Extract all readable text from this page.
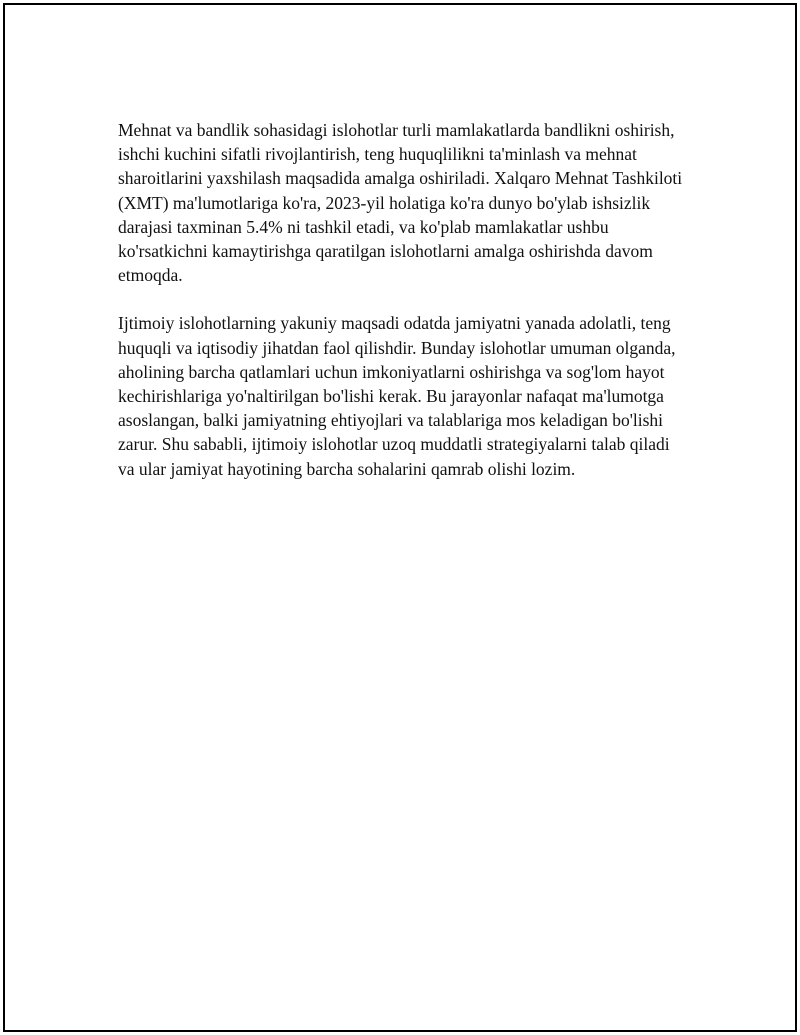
Mehnat va bandlik sohasidagi islohotlar turli mamlakatlarda bandlikni oshirish, ishchi kuchini sifatli rivojlantirish, teng huquqlilikni ta'minlash va mehnat sharoitlarini yaxshilash maqsadida amalga oshiriladi. Xalqaro Mehnat Tashkiloti (XMT) ma'lumotlariga ko'ra, 2023-yil holatiga ko'ra dunyo bo'ylab ishsizlik darajasi taxminan 5.4% ni tashkil etadi, va ko'plab mamlakatlar ushbu ko'rsatkichni kamaytirishga qaratilgan islohotlarni amalga oshirishda davom etmoqda.

Ijtimoiy islohotlarning yakuniy maqsadi odatda jamiyatni yanada adolatli, teng huquqli va iqtisodiy jihatdan faol qilishdir. Bunday islohotlar umuman olganda, aholining barcha qatlamlari uchun imkoniyatlarni oshirishga va sog'lom hayot kechirishlariga yo'naltirilgan bo'lishi kerak. Bu jarayonlar nafaqat ma'lumotga asoslangan, balki jamiyatning ehtiyojlari va talablariga mos keladigan bo'lishi zarur. Shu sababli, ijtimoiy islohotlar uzoq muddatli strategiyalarni talab qiladi va ular jamiyat hayotining barcha sohalarini qamrab olishi lozim.
